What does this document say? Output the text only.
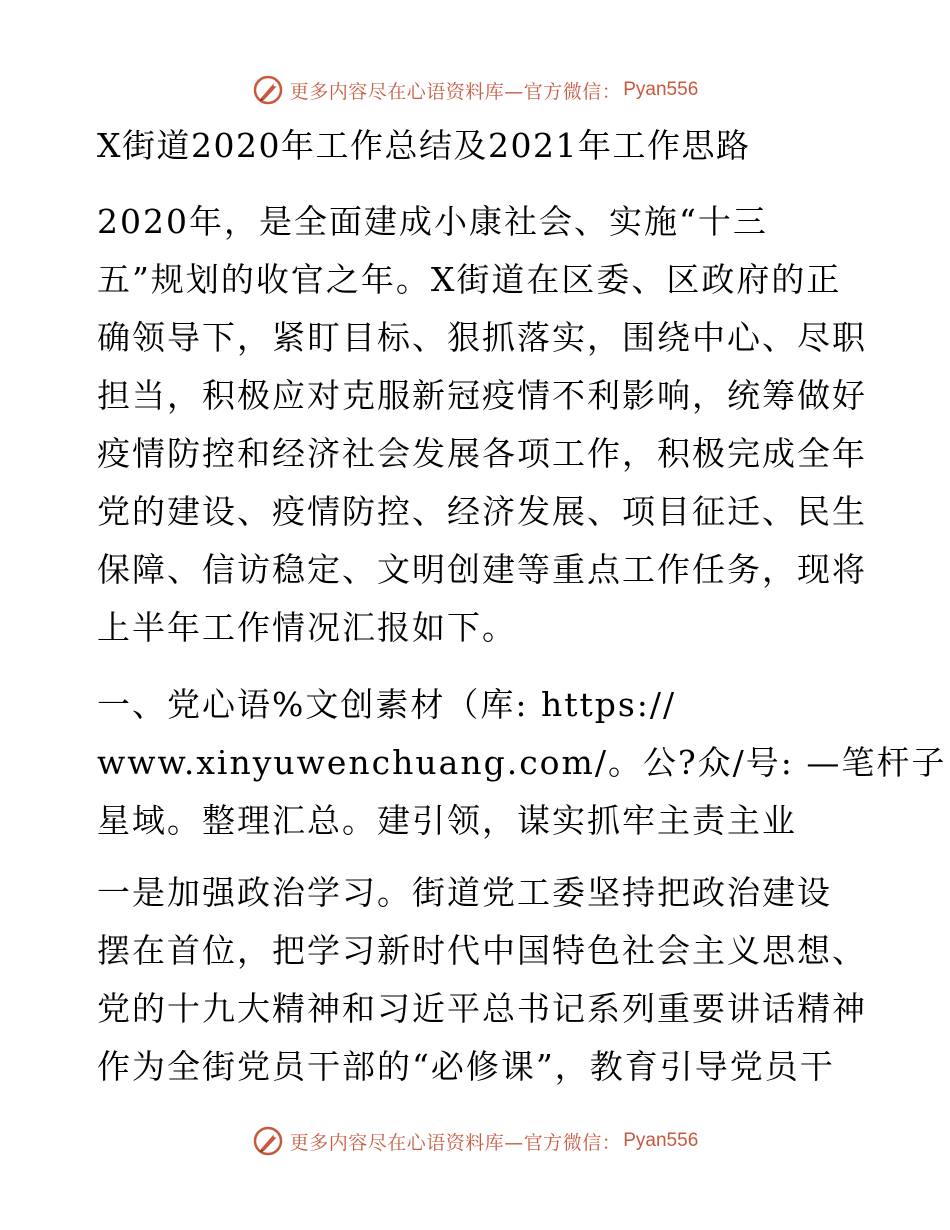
更多内容尽在心语资料库—官方微信： Pyan556
X街道2020年工作总结及2021年工作思路
2020年，是全面建成小康社会、实施“十三
五”规划的收官之年。X街道在区委、区政府的正
确领导下，紧盯目标、狠抓落实，围绕中心、尽职
担当，积极应对克服新冠疫情不利影响，统筹做好
疫情防控和经济社会发展各项工作，积极完成全年
党的建设、疫情防控、经济发展、项目征迁、民生
保障、信访稳定、文明创建等重点工作任务，现将
上半年工作情况汇报如下。
一、党心语%文创素材（库: https://
www.xinyuwenchuang.com/。公?众/号: —笔杆子
星域。整理汇总。建引领，谋实抓牢主责主业
一是加强政治学习。街道党工委坚持把政治建设
摆在首位，把学习新时代中国特色社会主义思想、
党的十九大精神和习近平总书记系列重要讲话精神
作为全街党员干部的“必修课”，教育引导党员干
更多内容尽在心语资料库—官方微信： Pyan556
